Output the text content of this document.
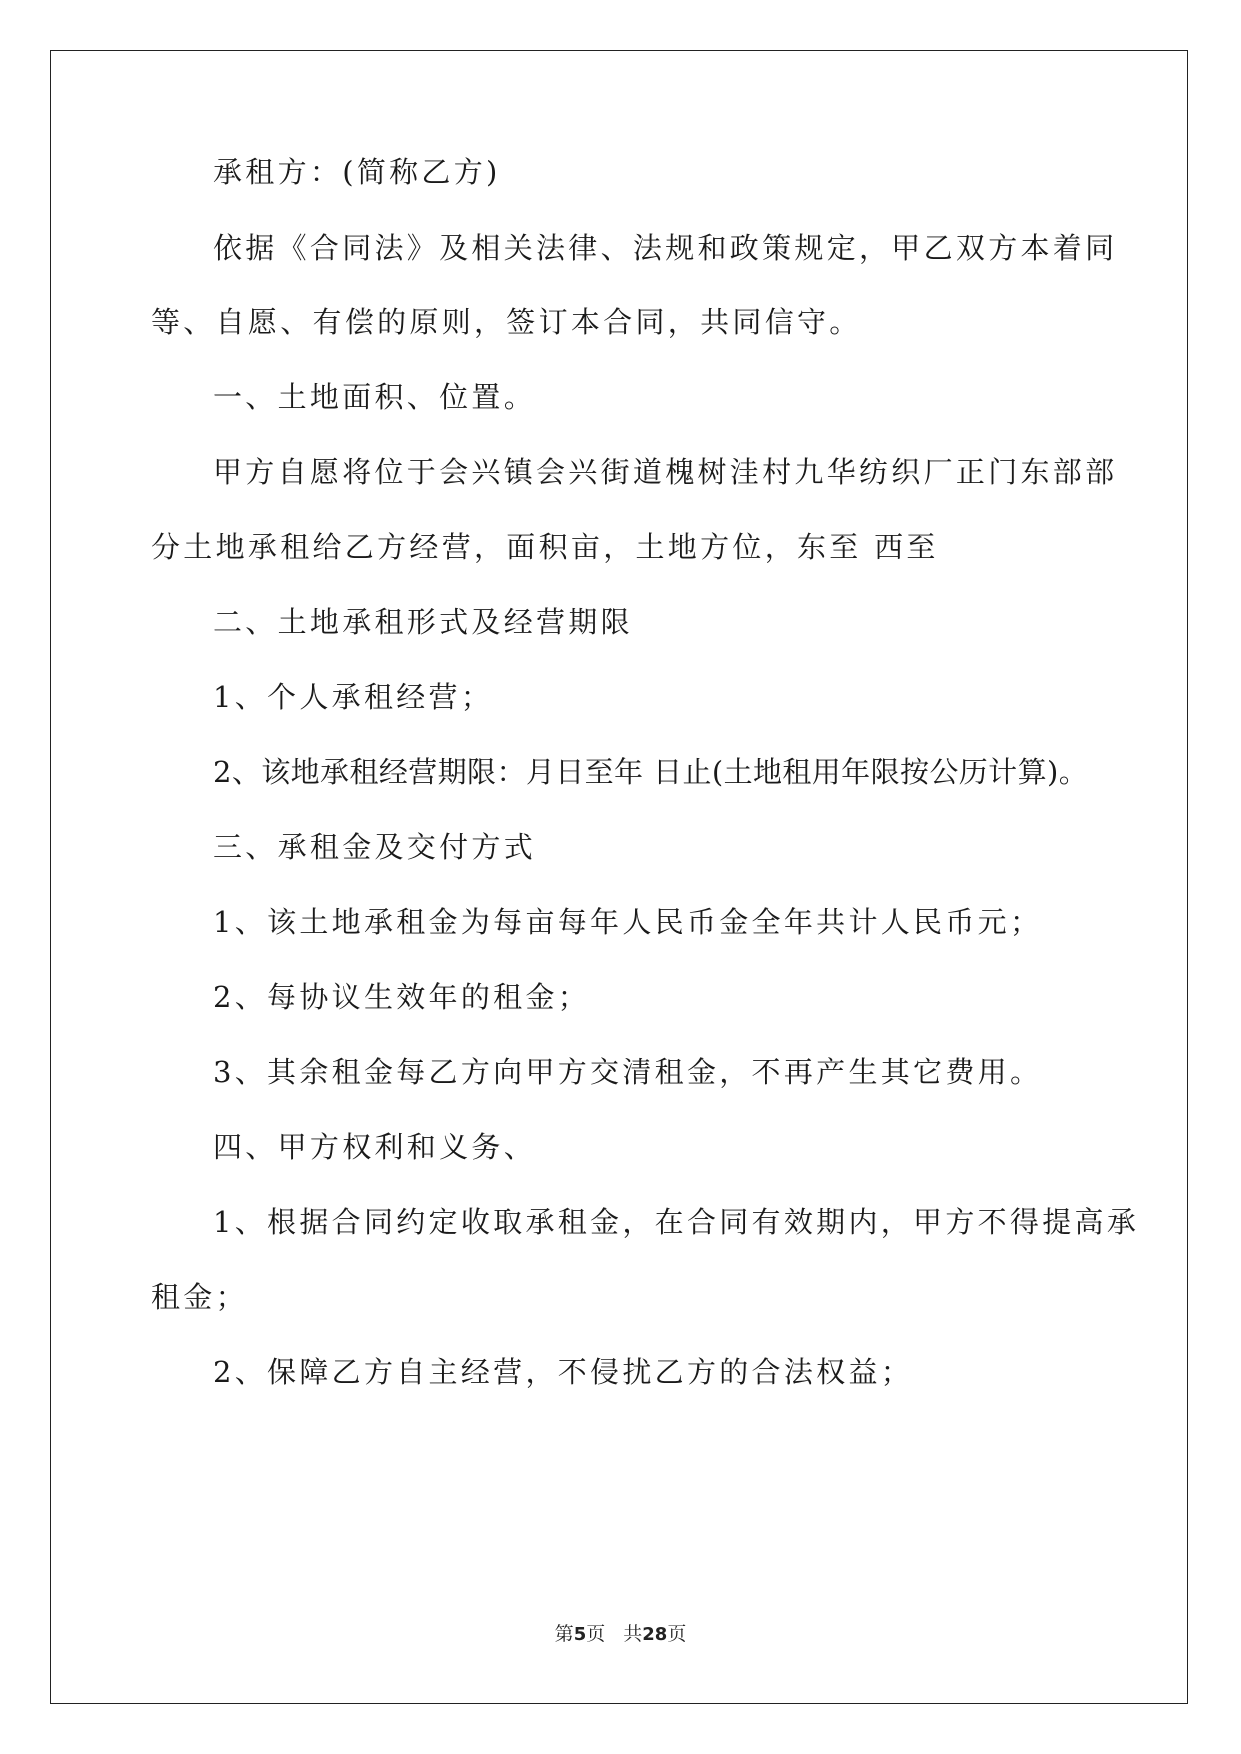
承租方：(简称乙方)
依据《合同法》及相关法律、法规和政策规定，甲乙双方本着同
等、自愿、有偿的原则，签订本合同，共同信守。
一、土地面积、位置。
甲方自愿将位于会兴镇会兴街道槐树洼村九华纺织厂正门东部部
分土地承租给乙方经营，面积亩，土地方位，东至 西至
二、土地承租形式及经营期限
1、个人承租经营；
2、该地承租经营期限：月日至年 日止(土地租用年限按公历计算)。
三、承租金及交付方式
1、该土地承租金为每亩每年人民币金全年共计人民币元；
2、每协议生效年的租金；
3、其余租金每乙方向甲方交清租金，不再产生其它费用。
四、甲方权利和义务、
1、根据合同约定收取承租金，在合同有效期内，甲方不得提高承
租金；
2、保障乙方自主经营，不侵扰乙方的合法权益；
第5页 共28页
